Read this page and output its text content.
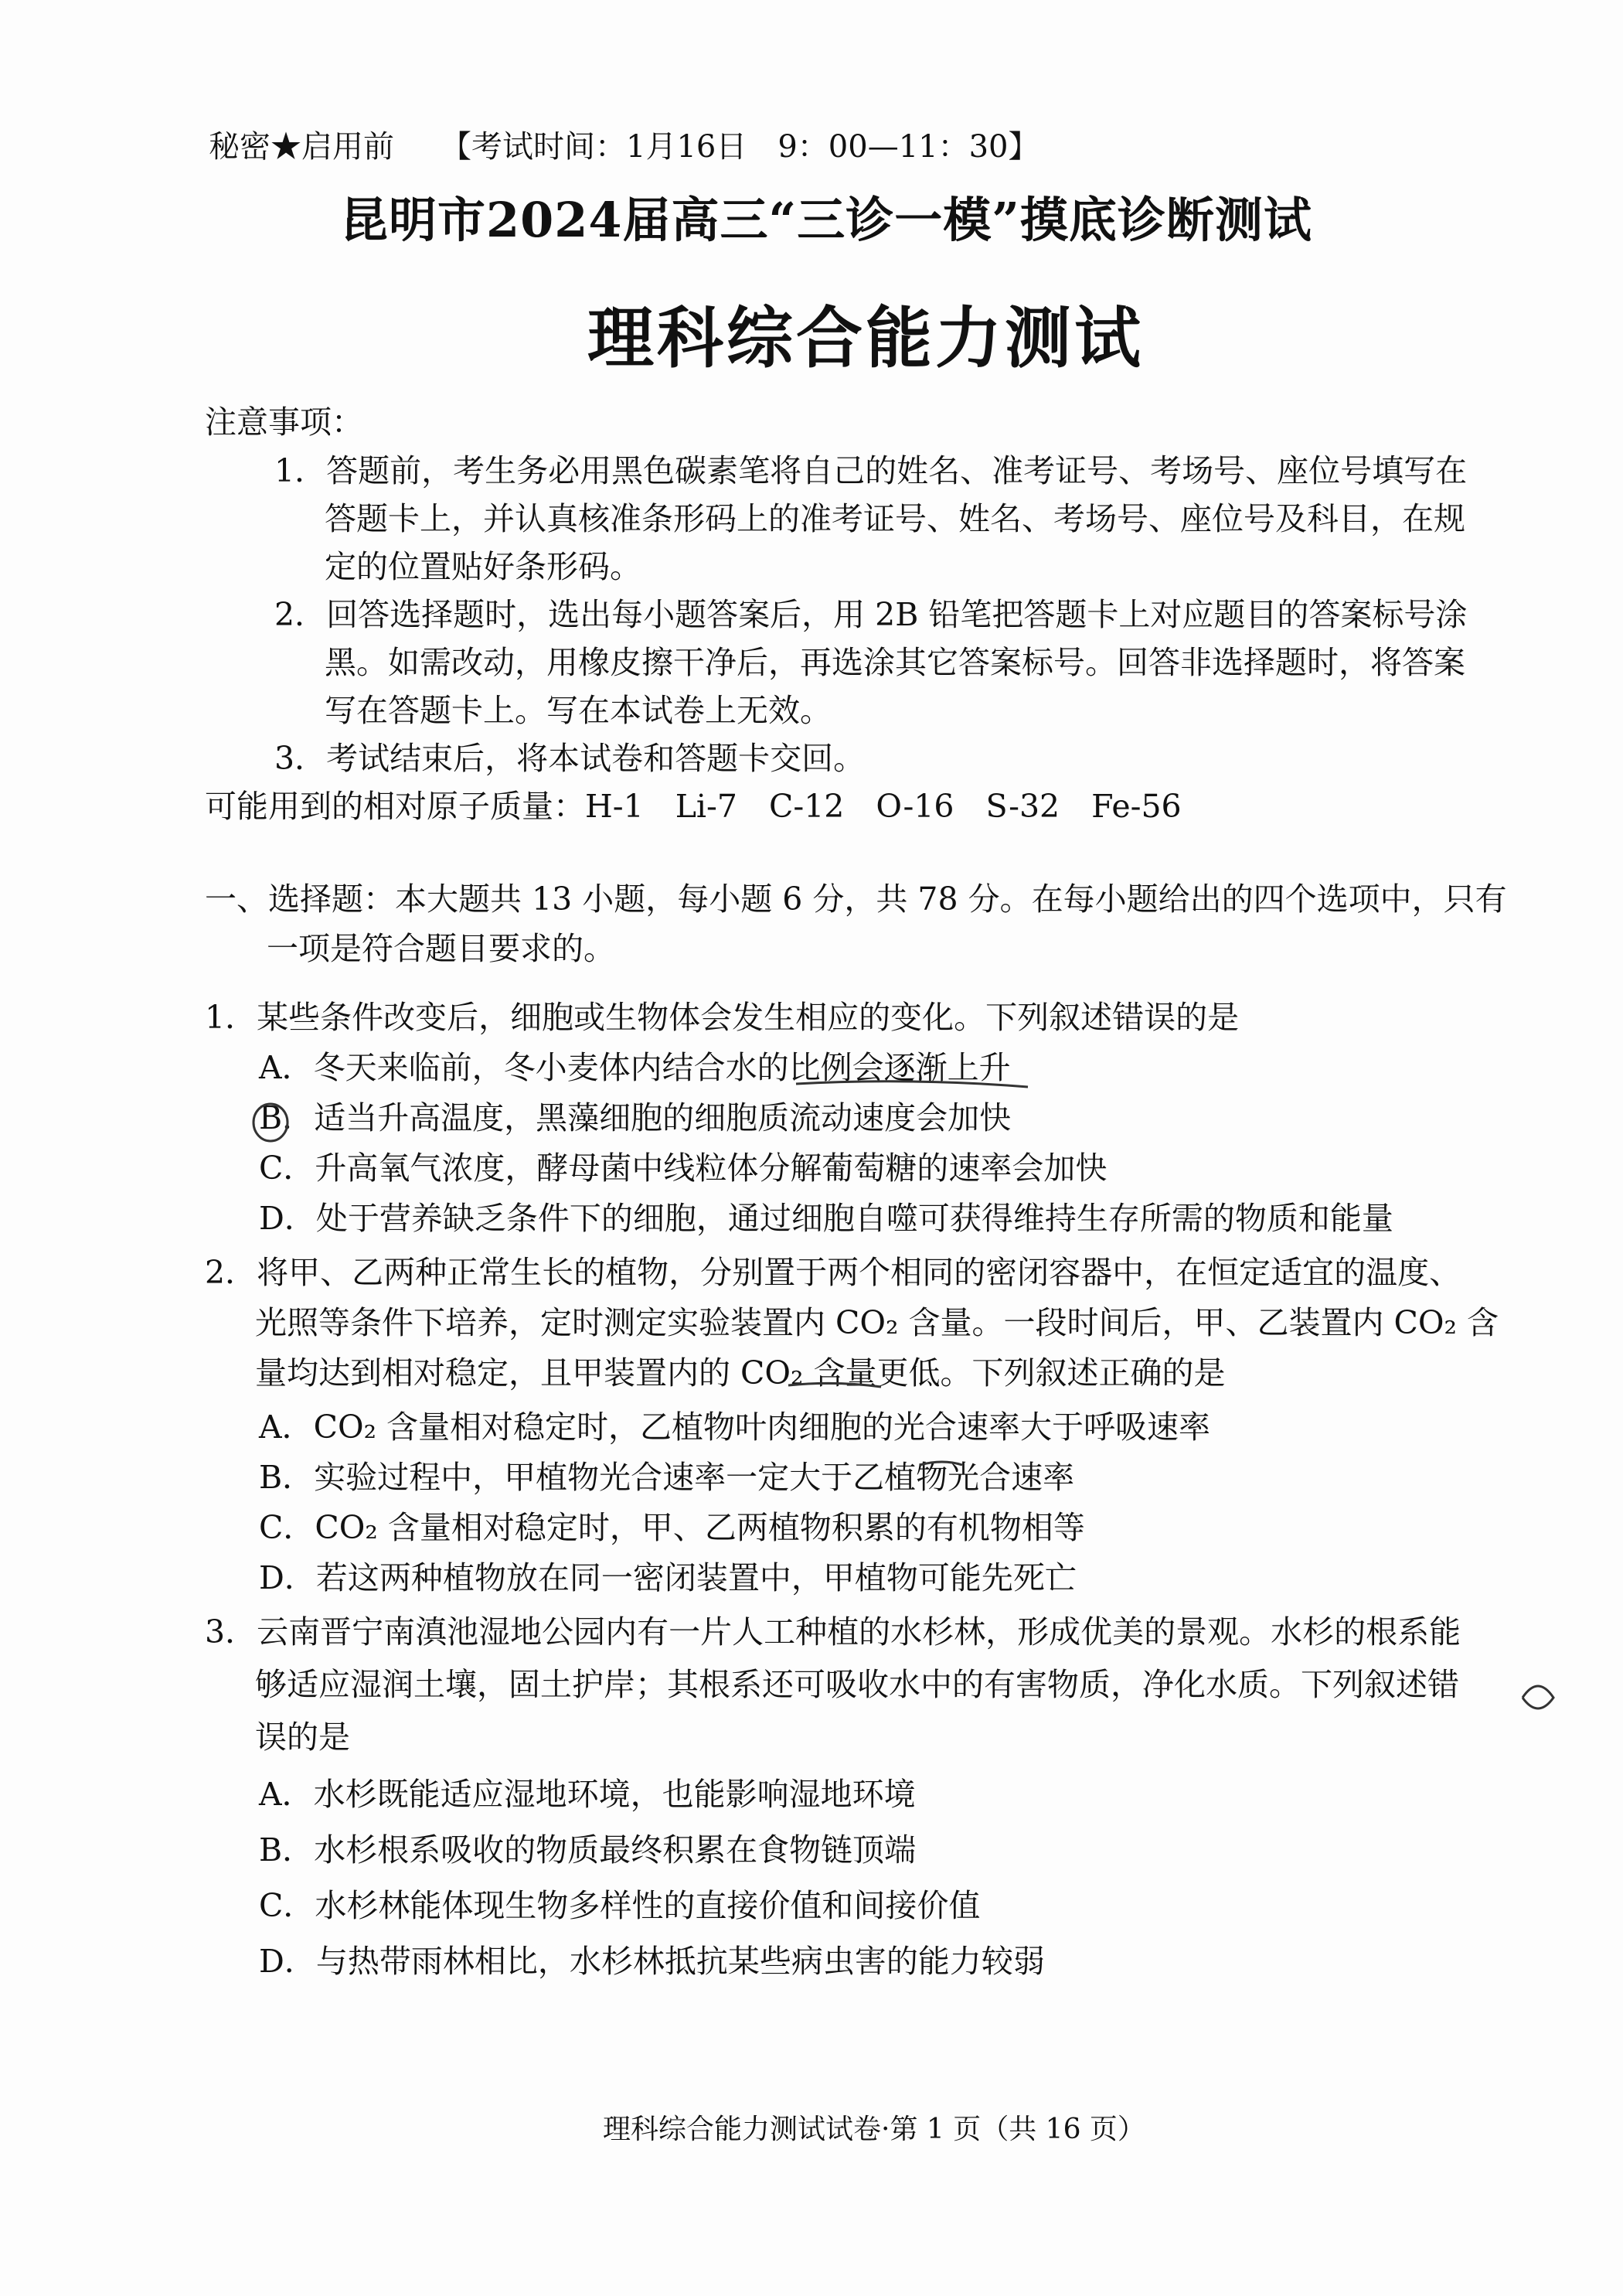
秘密★启用前 【考试时间：1月16日　9：00—11：30】
昆明市2024届高三“三诊一模”摸底诊断测试
理科综合能力测试
注意事项：
1．答题前，考生务必用黑色碳素笔将自己的姓名、准考证号、考场号、座位号填写在
答题卡上，并认真核准条形码上的准考证号、姓名、考场号、座位号及科目，在规
定的位置贴好条形码。
2．回答选择题时，选出每小题答案后，用 2B 铅笔把答题卡上对应题目的答案标号涂
黑。如需改动，用橡皮擦干净后，再选涂其它答案标号。回答非选择题时，将答案
写在答题卡上。写在本试卷上无效。
3．考试结束后，将本试卷和答题卡交回。
可能用到的相对原子质量：H-1　Li-7　C-12　O-16　S-32　Fe-56
一、选择题：本大题共 13 小题，每小题 6 分，共 78 分。在每小题给出的四个选项中，只有
一项是符合题目要求的。
1．某些条件改变后，细胞或生物体会发生相应的变化。下列叙述错误的是
A．冬天来临前，冬小麦体内结合水的比例会逐渐上升
B．适当升高温度，黑藻细胞的细胞质流动速度会加快
C．升高氧气浓度，酵母菌中线粒体分解葡萄糖的速率会加快
D．处于营养缺乏条件下的细胞，通过细胞自噬可获得维持生存所需的物质和能量
2．将甲、乙两种正常生长的植物，分别置于两个相同的密闭容器中，在恒定适宜的温度、
光照等条件下培养，定时测定实验装置内 CO₂ 含量。一段时间后，甲、乙装置内 CO₂ 含
量均达到相对稳定，且甲装置内的 CO₂ 含量更低。下列叙述正确的是
A．CO₂ 含量相对稳定时，乙植物叶肉细胞的光合速率大于呼吸速率
B．实验过程中，甲植物光合速率一定大于乙植物光合速率
C．CO₂ 含量相对稳定时，甲、乙两植物积累的有机物相等
D．若这两种植物放在同一密闭装置中，甲植物可能先死亡
3．云南晋宁南滇池湿地公园内有一片人工种植的水杉林，形成优美的景观。水杉的根系能
够适应湿润土壤，固土护岸；其根系还可吸收水中的有害物质，净化水质。下列叙述错
误的是
A．水杉既能适应湿地环境，也能影响湿地环境
B．水杉根系吸收的物质最终积累在食物链顶端
C．水杉林能体现生物多样性的直接价值和间接价值
D．与热带雨林相比，水杉林抵抗某些病虫害的能力较弱
理科综合能力测试试卷·第 1 页（共 16 页）
